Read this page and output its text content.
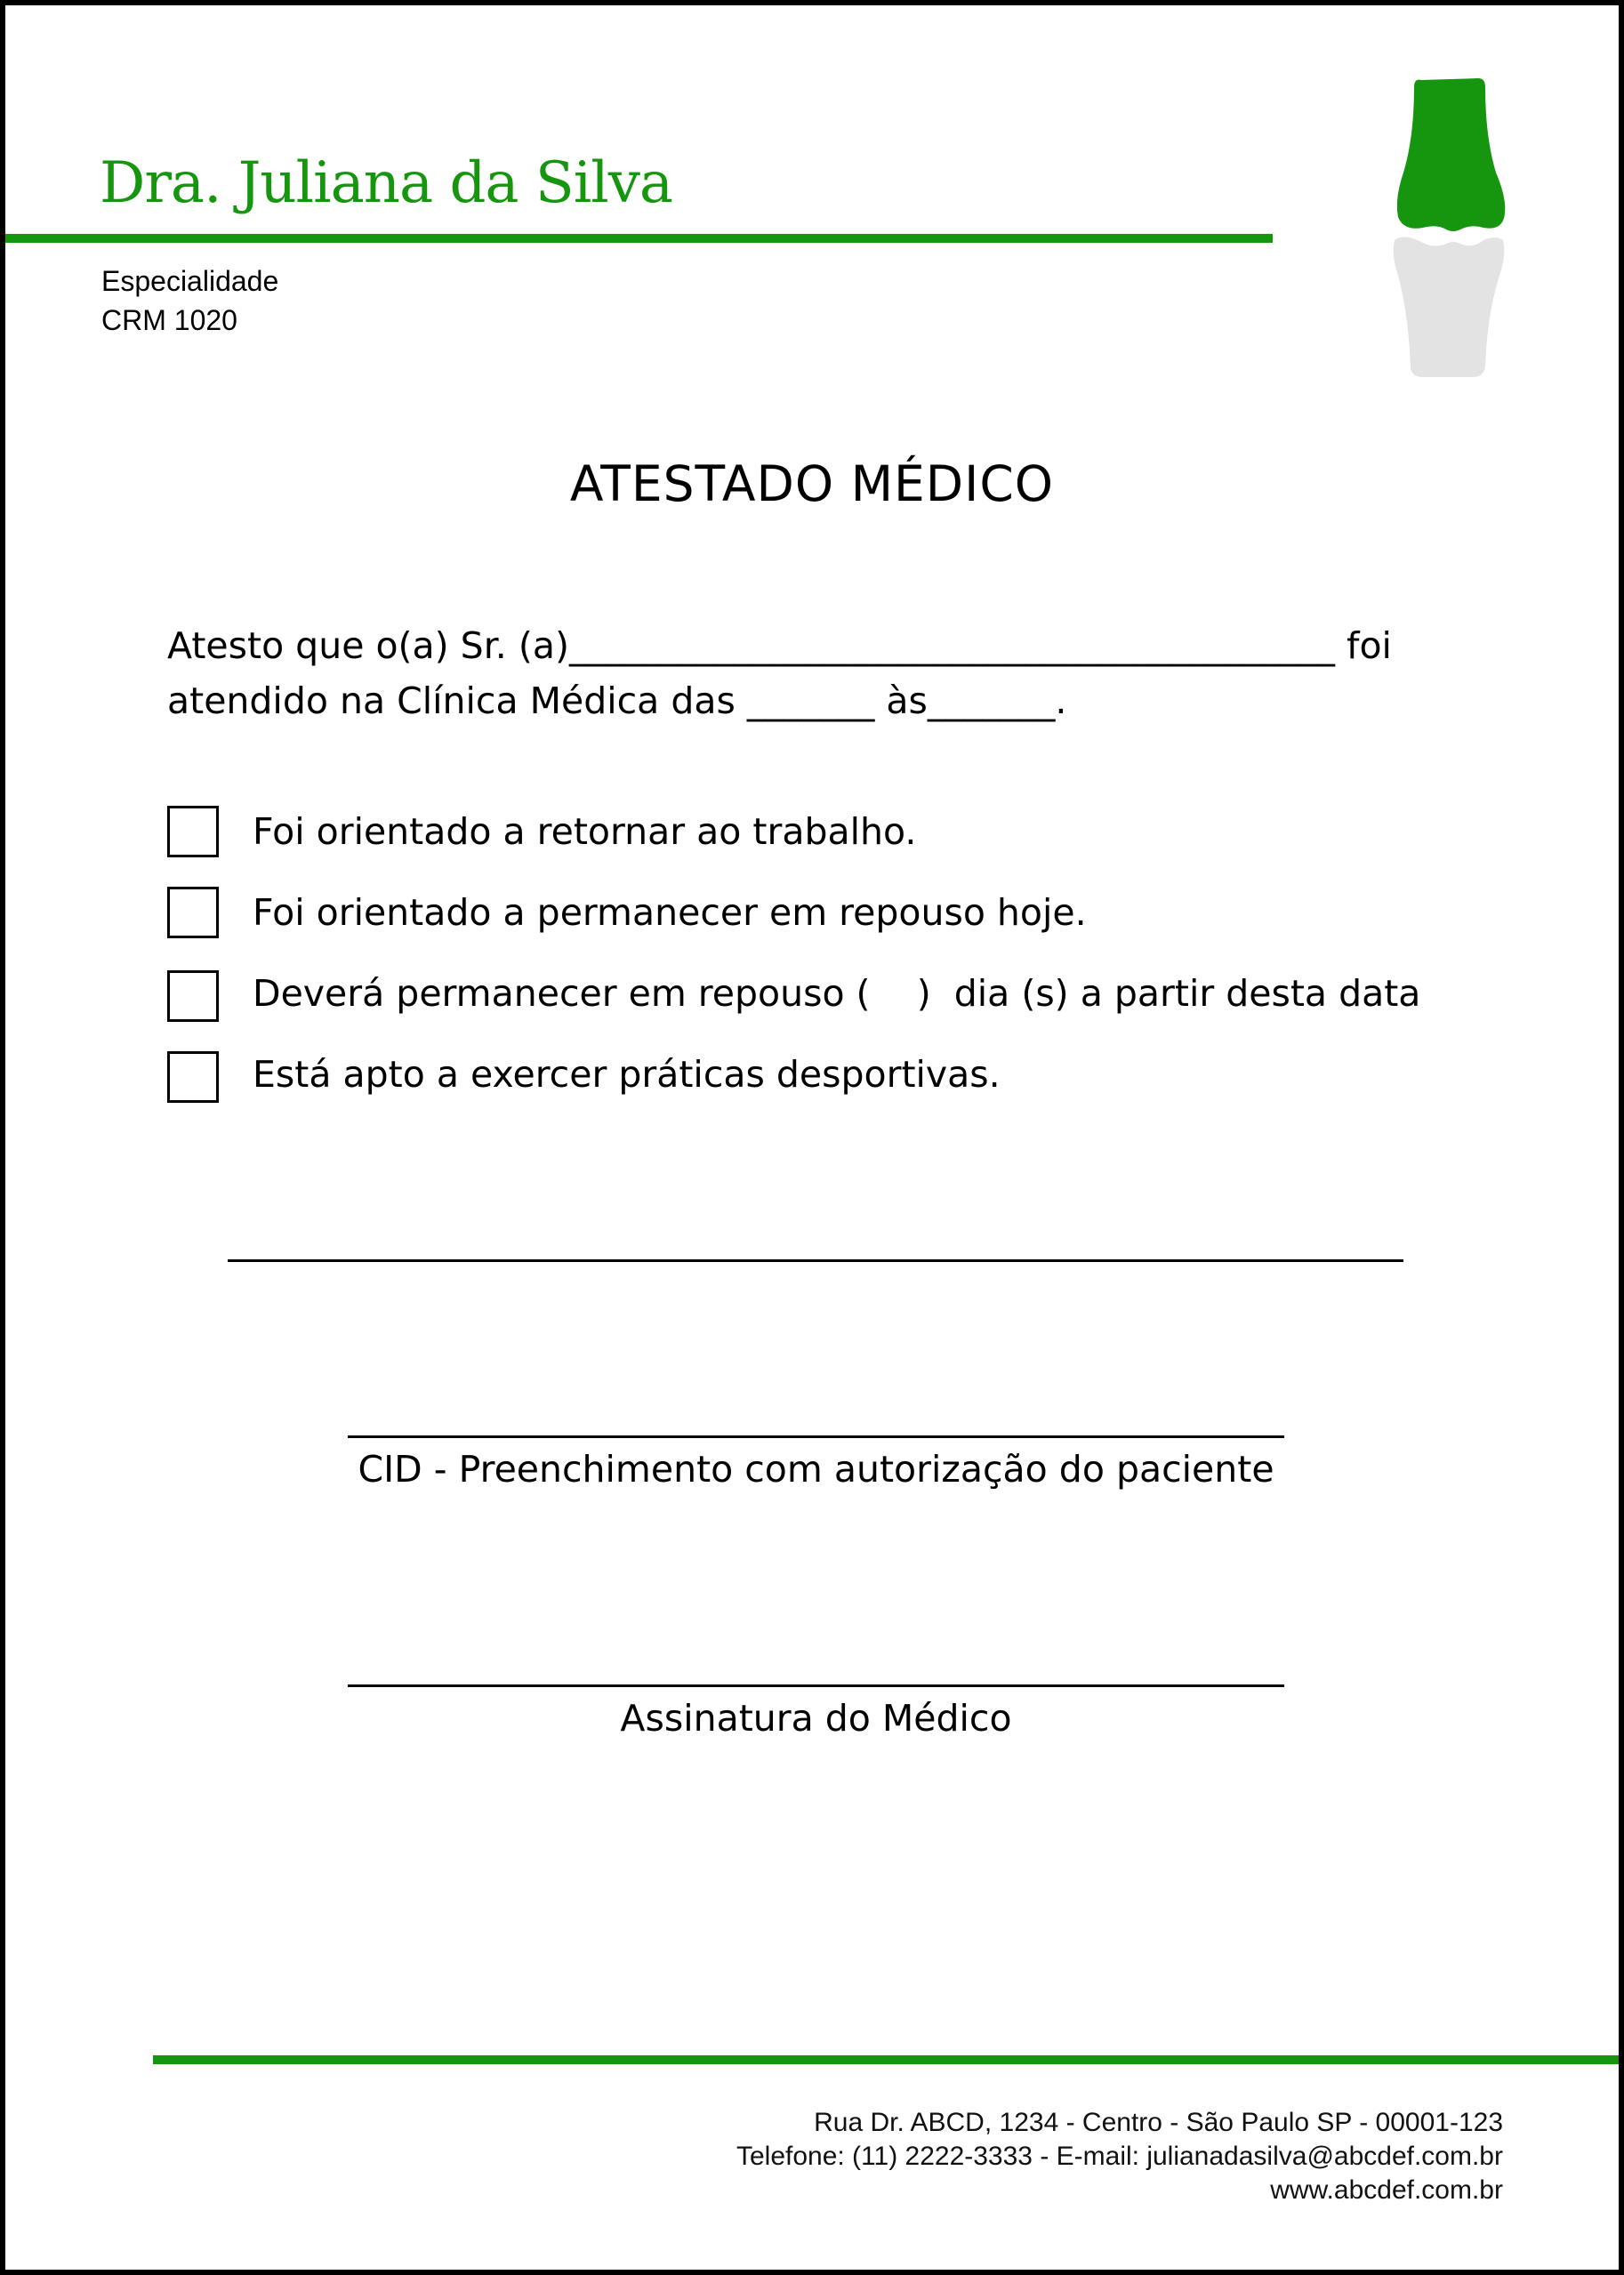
Dra. Juliana da Silva
Especialidade
CRM 1020
ATESTADO MÉDICO
Atesto que o(a) Sr. (a)__________________________________________ foi
atendido na Clínica Médica das _______ às_______.
Foi orientado a retornar ao trabalho.
Foi orientado a permanecer em repouso hoje.
Deverá permanecer em repouso (    )  dia (s) a partir desta data
Está apto a exercer práticas desportivas.
CID - Preenchimento com autorização do paciente
Assinatura do Médico
Rua Dr. ABCD, 1234 - Centro - São Paulo SP - 00001-123
Telefone: (11) 2222-3333 - E-mail: julianadasilva@abcdef.com.br
www.abcdef.com.br
